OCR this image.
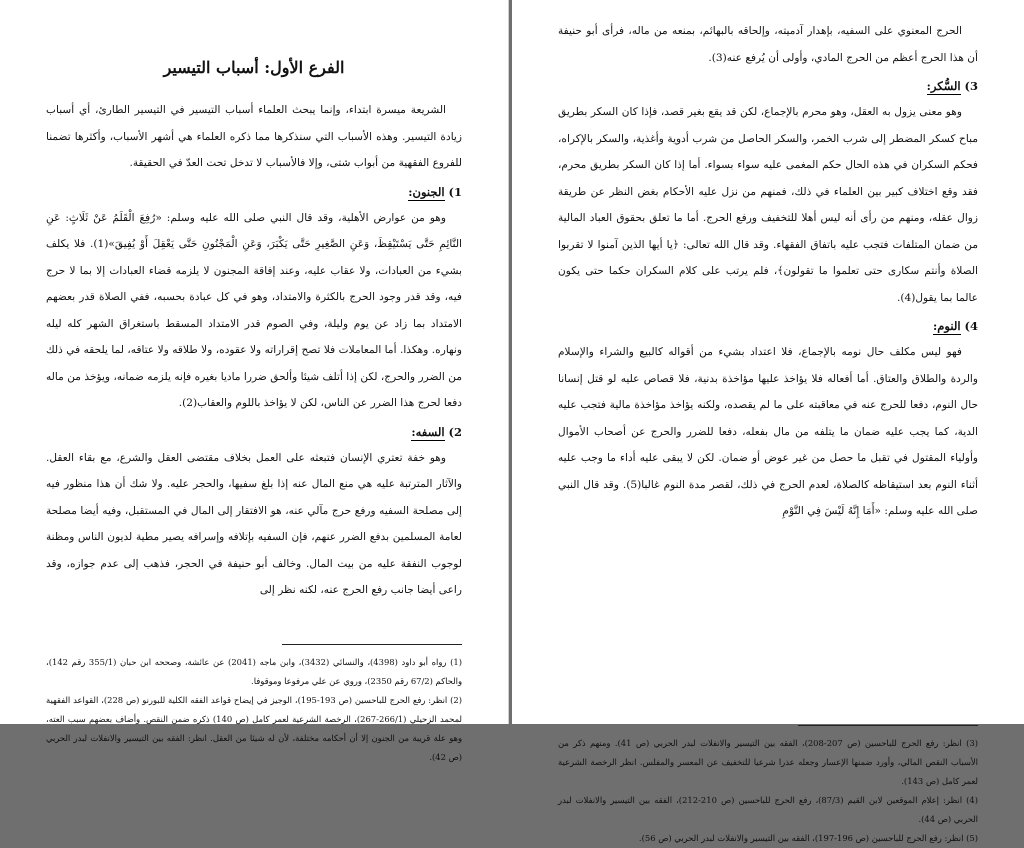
الفرع الأول: أسباب التيسير

الشريعة ميسرة ابتداء، وإنما يبحث العلماء أسباب التيسير في التيسير الطارئ، أي أسباب زيادة التيسير. وهذه الأسباب التي سنذكرها مما ذكره العلماء هي أشهر الأسباب، وأكثرها تضمنا للفروع الفقهية من أبواب شتى، وإلا فالأسباب لا تدخل تحت العدّ في الحقيقة.

1)
الجنون:

وهو من عوارض الأهلية، وقد قال النبي صلى الله عليه وسلم: «رُفِعَ الْقَلَمُ عَنْ ثَلَاثٍ: عَنِ النَّائِمِ حَتَّى يَسْتَيْقِظَ، وَعَنِ الصَّغِيرِ حَتَّى يَكْبَرَ، وَعَنِ الْمَجْنُونِ حَتَّى يَعْقِلَ أَوْ يُفِيقَ»(1). فلا يكلف بشيء من العبادات، ولا عقاب عليه، وعند إفاقة المجنون لا يلزمه قضاء العبادات إلا بما لا حرج فيه، وقد قدر وجود الحرج بالكثرة والامتداد، وهو في كل عبادة بحسبه، ففي الصلاة قدر بعضهم الامتداد بما زاد عن يوم وليلة، وفي الصوم قدر الامتداد المسقط باستغراق الشهر كله ليله ونهاره. وهكذا. أما المعاملات فلا تصح إقراراته ولا عقوده، ولا طلاقه ولا عتاقه، لما يلحقه في ذلك من الضرر والحرج، لكن إذا أتلف شيئا وألحق ضررا ماديا بغيره فإنه يلزمه ضمانه، ويؤخذ من ماله دفعا لحرج هذا الضرر عن الناس، لكن لا يؤاخذ باللوم والعقاب(2).

2)
السفه:

وهو خفة تعتري الإنسان فتبعثه على العمل بخلاف مقتضى العقل والشرع، مع بقاء العقل. والآثار المترتبة عليه هي منع المال عنه إذا بلغ سفيها، والحجر عليه. ولا شك أن هذا منظور فيه إلى مصلحة السفيه ورفع حرج مآلي عنه، هو الافتقار إلى المال في المستقبل، وفيه أيضا مصلحة لعامة المسلمين بدفع الضرر عنهم، فإن السفيه بإتلافه وإسرافه يصير مطية لديون الناس ومظنة لوجوب النفقة عليه من بيت المال. وخالف أبو حنيفة في الحجر، فذهب إلى عدم جوازه، وقد راعى أيضا جانب رفع الحرج عنه، لكنه نظر إلى

(1) رواه أبو داود (4398)، والنسائي (3432)، وابن ماجه (2041) عن عائشة، وصححه ابن حبان (355/1 رقم 142)، والحاكم (67/2 رقم 2350)، وروي عن علي مرفوعا وموقوفا.
(2) انظر: رفع الحرج للباحسين (ص 193-195)، الوجيز في إيضاح قواعد الفقه الكلية للبورنو (ص 228)، القواعد الفقهية لمحمد الزحيلي (266/1-267)، الرخصة الشرعية لعمر كامل (ص 140) ذكره ضمن النقص. وأضاف بعضهم سبب العته، وهو علة قريبة من الجنون إلا أن أحكامه مختلفة، لأن له شيئا من العقل. انظر: الفقه بين التيسير والانفلات لبدر الحربي (ص 42).

الحرج المعنوي على السفيه، بإهدار آدميته، وإلحاقه بالبهائم، بمنعه من ماله، فرأى أبو حنيفة أن هذا الحرج أعظم من الحرج المادي، وأولى أن يُرفع عنه(3).

3)
السُّكر:

وهو معنى يزول به العقل، وهو محرم بالإجماع، لكن قد يقع بغير قصد، فإذا كان السكر بطريق مباح كسكر المضطر إلى شرب الخمر، والسكر الحاصل من شرب أدوية وأغذية، والسكر بالإكراه، فحكم السكران في هذه الحال حكم المغمى عليه سواء بسواء. أما إذا كان السكر بطريق محرم، فقد وقع اختلاف كبير بين العلماء في ذلك، فمنهم من نزل عليه الأحكام بغض النظر عن طريقة زوال عقله، ومنهم من رأى أنه ليس أهلا للتخفيف ورفع الحرج. أما ما تعلق بحقوق العباد المالية من ضمان المتلفات فتجب عليه باتفاق الفقهاء. وقد قال الله تعالى: ﴿يا أيها الذين آمنوا لا تقربوا الصلاة وأنتم سكارى حتى تعلموا ما تقولون﴾، فلم يرتب على كلام السكران حكما حتى يكون عالما بما يقول(4).

4)
النوم:

فهو ليس مكلف حال نومه بالإجماع، فلا اعتداد بشيء من أقواله كالبيع والشراء والإسلام والردة والطلاق والعتاق. أما أفعاله فلا يؤاخذ عليها مؤاخذة بدنية، فلا قصاص عليه لو قتل إنسانا حال النوم، دفعا للحرج عنه في معاقبته على ما لم يقصده، ولكنه يؤاخذ مؤاخذة مالية فتجب عليه الدية، كما يجب عليه ضمان ما يتلفه من مال بفعله، دفعا للضرر والحرج عن أصحاب الأموال وأولياء المقتول في تقبل ما حصل من غير عوض أو ضمان. لكن لا يبقى عليه أداء ما وجب عليه أثناء النوم بعد استيقاظه كالصلاة، لعدم الحرج في ذلك، لقصر مدة النوم غالبا(5). وقد قال النبي صلى الله عليه وسلم: «أَمَا إِنَّهُ لَيْسَ فِي النَّوْمِ

(3) انظر: رفع الحرج للباحسين (ص 207-208)، الفقه بين التيسير والانفلات لبدر الحربي (ص 41). ومنهم ذكر من الأسباب النقص المالي، وأورد ضمنها الإعسار وجعله عذرا شرعيا للتخفيف عن المعسر والمفلس. انظر الرخصة الشرعية لعمر كامل (ص 143).
(4) انظر: إعلام الموقعين لابن القيم (87/3)، رفع الحرج للباحسين (ص 210-212)، الفقه بين التيسير والانفلات لبدر الحربي (ص 44).
(5) انظر: رفع الحرج للباحسين (ص 196-197)، الفقه بين التيسير والانفلات لبدر الحربي (ص 56).
